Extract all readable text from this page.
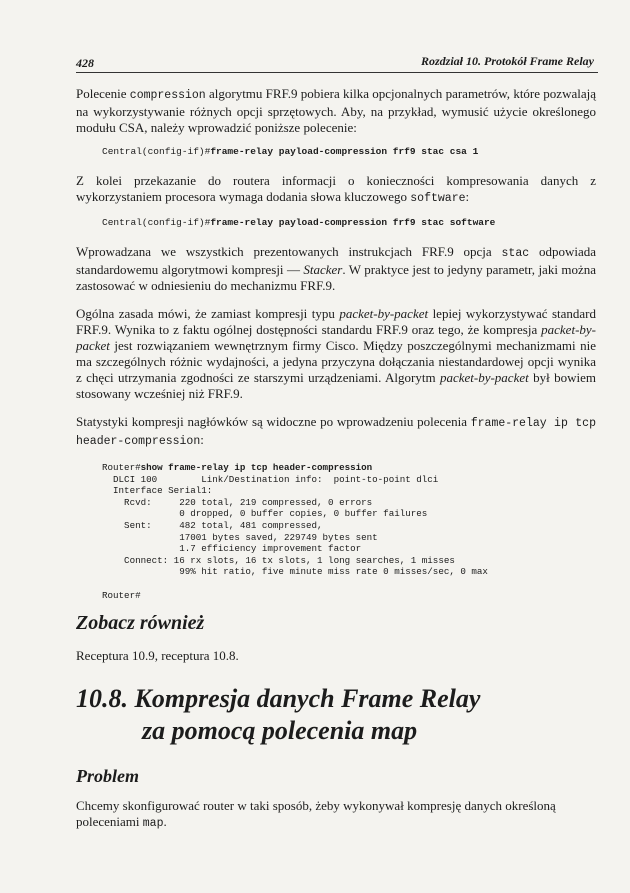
428	Rozdział 10. Protokół Frame Relay

Polecenie compression algorytmu FRF.9 pobiera kilka opcjonalnych parametrów, które pozwalają na wykorzystywanie różnych opcji sprzętowych. Aby, na przykład, wymusić użycie określonego modułu CSA, należy wprowadzić poniższe polecenie:

Central(config-if)#frame-relay payload-compression frf9 stac csa 1

Z kolei przekazanie do routera informacji o konieczności kompresowania danych z wykorzystaniem procesora wymaga dodania słowa kluczowego software:

Central(config-if)#frame-relay payload-compression frf9 stac software

Wprowadzana we wszystkich prezentowanych instrukcjach FRF.9 opcja stac odpowiada standardowemu algorytmowi kompresji — Stacker. W praktyce jest to jedyny parametr, jaki można zastosować w odniesieniu do mechanizmu FRF.9.

Ogólna zasada mówi, że zamiast kompresji typu packet-by-packet lepiej wykorzystywać standard FRF.9. Wynika to z faktu ogólnej dostępności standardu FRF.9 oraz tego, że kompresja packet-by-packet jest rozwiązaniem wewnętrznym firmy Cisco. Między poszczególnymi mechanizmami nie ma szczególnych różnic wydajności, a jedyna przyczyna dołączania niestandardowej opcji wynika z chęci utrzymania zgodności ze starszymi urządzeniami. Algorytm packet-by-packet był bowiem stosowany wcześniej niż FRF.9.

Statystyki kompresji nagłówków są widoczne po wprowadzeniu polecenia frame-relay ip tcp header-compression:

Router#show frame-relay ip tcp header-compression
DLCI 100        Link/Destination info:  point-to-point dlci
Interface Serial1:
Rcvd:     220 total, 219 compressed, 0 errors
0 dropped, 0 buffer copies, 0 buffer failures
Sent:     482 total, 481 compressed,
17001 bytes saved, 229749 bytes sent
1.7 efficiency improvement factor
Connect: 16 rx slots, 16 tx slots, 1 long searches, 1 misses
99% hit ratio, five minute miss rate 0 misses/sec, 0 max

Router#
Zobacz również
Receptura 10.9, receptura 10.8.
10.8. Kompresja danych Frame Relay
za pomocą polecenia map
Problem
Chcemy skonfigurować router w taki sposób, żeby wykonywał kompresję danych określoną poleceniami map.
